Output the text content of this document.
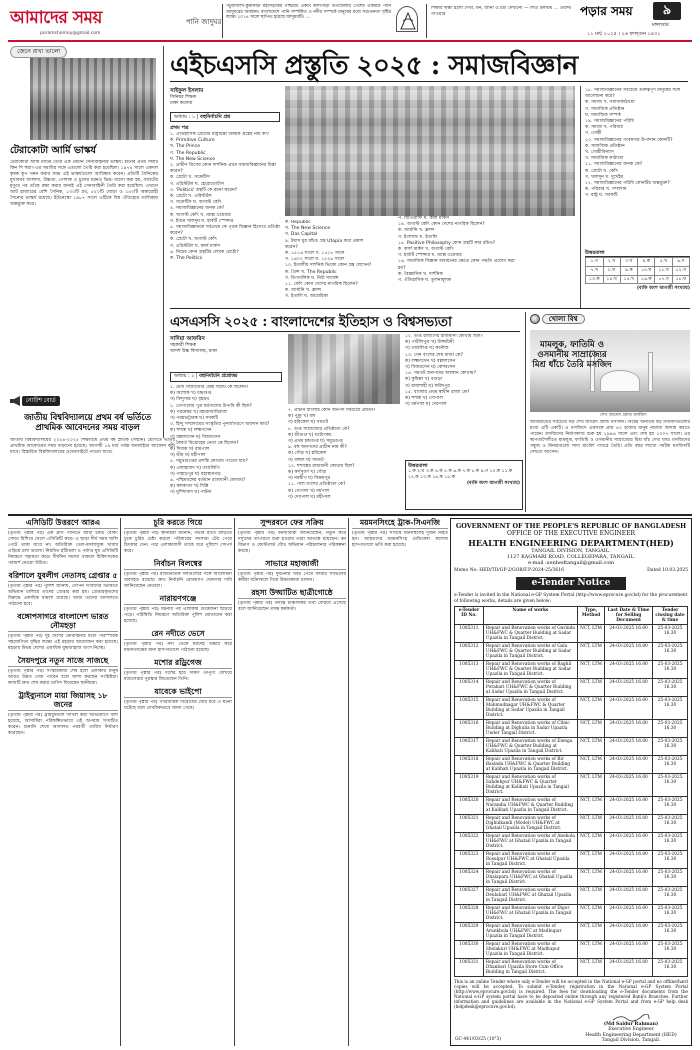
আমাদের সময়
poramshomoy@gmail.com
পানি জাদুঘর
পটুয়াখালী-কুয়াকাটা মহাসড়কের পশ্চিমটি একটা কলাপাড়া উপজেলার পেশের একমাত্র পানি জাদুঘরের অবস্থান। বাংলাদেশে পানি সম্পর্কিত ও নদীর সম্পর্কে মানুষের মধ্যে সচেতনতা সৃষ্টির লক্ষ্যে ২০১৪ সালে স্থাপিত হয়েছে জাদুঘরটি। ...
শিক্ষার লক্ষ্য হলো দেখা, মন, জানা ও চর্চা দেখানো — লিও টলস্টয় ... ওয়াল্ট পাওয়ার	পড়ার সময়	৯
মঙ্গলবার
১১ মার্চ ২০২৫ । ২৬ ফাল্গুন ১৪৩১
জেনে রাখা ভালো
টেরাকোটা আর্মি ভাস্কর্য
টেরাকোটা আর্মি মাটির তৈরি এক প্রাচীন সৈন্যবাহিনীর ভাস্কর্য। চীনের প্রথম সম্রাট কিন শি হুয়াং-এর সমাধির সঙ্গে এগুলো তৈরি করা হয়েছিল। ১৯৭৪ সালে একদল কৃষক কূপ খনন করার সময় এই ভাস্কর্যগুলো আবিষ্কার করেন। প্রতিটি সৈনিকের মুখাবয়ব আলাদা, উচ্চতা, পোশাক ও চুলের ধরনও ভিন্ন। ধারণা করা হয়, সম্রাটের মৃত্যুর পর তাঁকে রক্ষা করার জন্যই এই সেনাবাহিনী তৈরি করা হয়েছিল। এখানে আট হাজারের বেশি সৈনিক, ১৩০টি রথ, ৫২০টি ঘোড়া ও ১৫০টি অশ্বারোহী সৈন্যের ভাস্কর্য রয়েছে। ইউনেস্কো ১৯৮৭ সালে এটিকে বিশ্ব ঐতিহ্যের তালিকায় অন্তর্ভুক্ত করে।
নোটিশ বোর্ড
জাতীয় বিশ্ববিদ্যালয়ে প্রথম বর্ষ ভর্তিতে প্রাথমিক আবেদনের সময় বাড়ল
জাতীয় বিশ্ববিদ্যালয়ের ২০২৪-২০২৫ শিক্ষাবর্ষে প্রথম বর্ষ স্নাতক (সম্মান) শ্রেণিতে ভর্তির প্রাথমিক আবেদনের সময় বাড়ানো হয়েছে। আগামী ১৯ মার্চ পর্যন্ত অনলাইনে আবেদন করা যাবে। বিস্তারিত বিশ্ববিদ্যালয়ের ওয়েবসাইটে পাওয়া যাবে।
এইচএসসি প্রস্তুতি ২০২৫ : সমাজবিজ্ঞান
সাইফুল ইসলাম
সিনিয়র শিক্ষক
ঢাকা কলেজ
অধ্যায় : ১ | বহুনির্বাচনি প্রশ্ন
প্রথম পত্র
১. ঐতিহাসিক প্লেটোর রাষ্ট্রচিন্তা বিষয়ক গ্রন্থের নাম কী?
ক. Primitive Culture
খ. The Prince
গ. The Republic
ঘ. The New Science
২. প্রাচীন গ্রিসের কোন দার্শনিক প্রথম সমাজবিজ্ঞানের চিন্তা করেন?
ক. প্লেটো খ. সক্রেটিস
গ. এরিস্টটল ঘ. হেরোডোটাস
৩. 'Politics' গ্রন্থটি কে রচনা করেন?
ক. প্লেটো খ. এরিস্টটল
গ. সক্রেটিস ঘ. অগাস্ট কোঁৎ
৪. সমাজবিজ্ঞানের জনক কে?
ক. অগাস্ট কোঁৎ খ. ম্যাক্স ওয়েবার
গ. ইবনে খালদুন ঘ. হার্বার্ট স্পেন্সার
৫. সমাজবিজ্ঞানকে সর্বপ্রথম কে পৃথক বিজ্ঞান হিসেবে প্রতিষ্ঠা করেন?
ক. প্লেটো খ. অগাস্ট কোঁৎ
গ. এরিস্টটল ঘ. কার্ল মার্কস
৬. নিচের কোন গ্রন্থটির লেখক প্লেটো?
ক. The Politics
ক. Republic
খ. The New Science
গ. Das Capital
৯. টমাস মূর রচিত গ্রন্থ Utopia কবে প্রকাশ করেন?
ক. ১৫১৬ সালে খ. ১৫১৮ সালে
গ. ১৬০২ সালে ঘ. ১৫২৬ সালে
১০. ইতালীয় দার্শনিক ভিকো কোন গ্রন্থ লেখেন?
ক. প্রিন্স খ. The Republic
গ. রিপাবলিক ঘ. নিউ সায়েন্স
১১. কোঁৎ কোন দেশের নাগরিক ছিলেন?
ক. জার্মানি খ. ফ্রান্স
গ. ইতালি ঘ. আমেরিকা
প. জিওগ্রাফি ঘ. কার্ল মার্কস
১৪. অগাস্ট কোঁৎ কোন দেশের নাগরিক ছিলেন?
ক. জার্মানি খ. ফ্রান্স
গ. ইংল্যান্ড ঘ. ইতালি
১৫. Positive Philosophy কোন গ্রন্থটি কার রচিত?
ক. কার্ল মার্কস খ. অগাস্ট কোঁৎ
গ. হার্বার্ট স্পেন্সার ঘ. ম্যাক্স ওয়েবার
১৬. সামাজিক বিজ্ঞান অধ্যয়নের ক্ষেত্রে কোন পদ্ধতি প্রয়োগ করা হয়?
ক. বৈজ্ঞানিক খ. দার্শনিক
গ. ঐতিহাসিক ঘ. তুলনামূলক
১৮. সমাজবিজ্ঞানের সবচেয়ে গুরুত্বপূর্ণ মানুষের সঙ্গে আলোচনা করে?
ক. সমাজ খ. সমাজকাঠামো
গ. সামাজিক প্রতিষ্ঠান
ঘ. সামাজিক সম্পর্ক
১৯. সমাজবিজ্ঞানের পরিধি
ক. সমাজ খ. পরিবার
গ. গোষ্ঠী
২০. সমাজবিজ্ঞানের গবেষণার উপাদান কোনটি?
ক. সামাজিক প্রতিষ্ঠান
খ. গোষ্ঠীবিন্যাস
গ. সামাজিক কাঠামো
২১. সমাজবিজ্ঞানের জনক কে?
ক. প্লেটো খ. কোঁৎ
গ. খালদুন ঘ. দুর্খেইম
২২. সমাজবিজ্ঞানের পরিধি কোনটির অন্তর্ভুক্ত?
ক. পরিবার খ. সম্প্রদায়
গ. রাষ্ট্র ঘ. সবকটি
উত্তরমালা
১.গ	২.খ	৩.খ	৪.ক	৫.খ	৬.গ
৭.খ	৮.ঘ	৯.ক	১০.ঘ	১১.খ	১২.গ
১৩.ক	১৪.খ	১৫.খ	১৬.ক	১৭.গ	১৮.ঘ
(বাকি অংশ আগামী সংখ্যায়)
এসএসসি ২০২৫ : বাংলাদেশের ইতিহাস ও বিশ্বসভ্যতা
সাদিয়া আফরিন
সহকারী শিক্ষক
আদর্শ উচ্চ বিদ্যালয়, ঢাকা
অধ্যায় : ২ | বহুনির্বাচনি প্রশ্নোত্তর
১. মৌর্য সাম্রাজ্যের শ্রেষ্ঠ সম্রাট কে ছিলেন?
ক) অশোক খ) চন্দ্রগুপ্ত
গ) বিন্দুসার ঘ) বৃহদ্রথ
২. গোপালের পুত্র ধর্মপালের উপাধি কী ছিল?
ক) পরমেশ্বর খ) মহারাজাধিরাজ
গ) পরমভট্টারক ঘ) সবকটি
৩. হিন্দু সম্প্রদায়ের সংস্কৃতির পুনর্জাগরণে অবদান কার?
ক) শশাঙ্ক খ) লক্ষ্মণসেন
গ) বল্লালসেন ঘ) বিজয়সেন
৪. কৈবর্ত বিদ্রোহের নেতা কে ছিলেন?
ক) দিব্যক খ) রামপাল
গ) ভীম ঘ) মহীপাল
৫. সমুদ্রগুপ্তের প্রশস্তি কোথায় পাওয়া যায়?
ক) এলাহাবাদ খ) তাম্রলিপি
গ) পাহাড়পুর ঘ) মহাস্থানগড়
৬. পশ্চিমবঙ্গের বর্তমান রাজধানী কোথায়?
ক) কলকাতা খ) দিল্লি
গ) মুর্শিদাবাদ ঘ) পাটনা
৭. প্রাচীন বাংলার কোন জনপদ সবচেয়ে প্রাচীন?
ক) পুণ্ড্র খ) বঙ্গ
গ) হরিকেল ঘ) সমতট
৮. গুপ্ত সাম্রাজ্যের প্রতিষ্ঠাতা কে?
ক) শ্রীগুপ্ত খ) ঘটোৎকচ
গ) প্রথম চন্দ্রগুপ্ত ঘ) সমুদ্রগুপ্ত
৯. বঙ্গ জনপদের প্রাচীন নাম কী?
ক) গৌড় খ) হরিকেল
গ) বঙ্গাল ঘ) সমতট
১০. শশাঙ্কের রাজধানী কোথায় ছিল?
ক) কর্ণসুবর্ণ খ) গৌড়
গ) নবদ্বীপ ঘ) বিক্রমপুর
১১. পাল বংশের প্রতিষ্ঠাতা কে?
ক) গোপাল খ) ধর্মপাল
গ) দেবপাল ঘ) মহীপাল
১২. গুপ্ত রাজাদের রাজধানী কোথায় ছিল?
ক) পাটলিপুত্র খ) উজ্জয়িনী
গ) তাম্রলিপ্ত ঘ) কনৌজ
১৩. সেন বংশের শেষ রাজা কে?
ক) লক্ষ্মণসেন খ) বল্লালসেন
গ) বিজয়সেন ঘ) কেশবসেন
১৪. সমতট জনপদের অবস্থান কোথায়?
ক) কুমিল্লা খ) বগুড়া
গ) রাজশাহী ঘ) ফরিদপুর
১৫. বাংলার প্রথম স্বাধীন রাজা কে?
ক) শশাঙ্ক খ) গোপাল
গ) ধর্মপাল ঘ) দেবপাল
উত্তরমালা
১.ক ২.ঘ ৩.ক ৪.ক ৫.ক ৬.ক ৭.ক ৮.ক ৯.গ ১০.ক ১১.ক ১২.ক ১৩.ক ১৪.ক ১৫.ক
(বাকি অংশ আগামী সংখ্যায়)
খোলা বিশ্ব
মামলুক, ফাতিমি ও ওসমানীয় সাম্রাজ্যের মিশ্র ধাঁচে তৈরি মসজিদ
শেখ জায়েদ গ্র্যান্ড মসজিদ
আমিরাতের সবচেয়ে বড় শেখ জায়েদ গ্র্যান্ড মসজিদ। বিশ্বের অন্যতম বড় মসজিদগুলোর মধ্যে এটি একটি। এ মসজিদে একসঙ্গে প্রায় ৪০ হাজার মানুষ নামাজ আদায় করতে পারেন। মসজিদের নির্মাণকাজ শুরু হয় ১৯৯৬ সালে এবং শেষ হয় ২০০৭ সালে। এর স্থাপত্যশৈলীতে মামলুক, ফাতিমি ও ওসমানীয় সাম্রাজ্যের মিশ্র ধাঁচ দেখা যায়। মসজিদের গম্বুজ ও মিনারগুলো সাদা মার্বেল পাথরে তৈরি। প্রতি বছর লাখো পর্যটক মসজিদটি দেখতে আসেন।
এসিডিটি উত্তরণে আরএ
(তৃতীয় পৃষ্ঠার পর) এক গ্লাস পানিতে আধা চামচ বেকিং সোডা মিশিয়ে খেলে এসিডিটি কমে। এ ছাড়া দীর্ঘ সময় খালি পেটে থাকা যাবে না। অতিরিক্ত তেল-মসলাযুক্ত খাবার এড়িয়ে চলা ভালো। নিয়মিত হাঁটাচলা ও পর্যাপ্ত ঘুম এসিডিটি নিয়ন্ত্রণে সহায়তা করে। দীর্ঘদিন সমস্যা থাকলে চিকিৎসকের পরামর্শ নেওয়া উচিত।
বরিশালে যুবলীগ নেতাসহ গ্রেপ্তার ৫
(তৃতীয় পৃষ্ঠার পর) পুলিশ জানায়, গোপন সংবাদের ভিত্তিতে অভিযান চালিয়ে তাদের গ্রেপ্তার করা হয়। গ্রেপ্তারকৃতদের বিরুদ্ধে একাধিক মামলা রয়েছে। আজ তাদের আদালতে পাঠানো হবে।
বঙ্গোপসাগরে বাংলাদেশ ভারত নৌমহড়া
(তৃতীয় পৃষ্ঠার পর) দুই দেশের নৌবাহিনীর মধ্যে পারস্পরিক সহযোগিতা বৃদ্ধির লক্ষ্যে এই মহড়ার আয়োজন করা হয়েছে। মহড়ায় উভয় দেশের একাধিক যুদ্ধজাহাজ অংশ নিচ্ছে।
সৈয়দপুরে নতুন সাজে সাজছে
(তৃতীয় পৃষ্ঠার পর) সংস্কারকাজ শেষ হলে এলাকার মানুষ আরও উন্নত সেবা পাবেন বলে আশা করছেন সংশ্লিষ্টরা। কাজটি দ্রুত শেষ করার তাগিদ দিয়েছেন স্থানীয়রা।
ট্রাইব্যুনালে মায়া জিয়াসহ ১৮ জনের
(তৃতীয় পৃষ্ঠার পর) ট্রাইব্যুনালে দাখিল করা অভিযোগে বলা হয়েছে, আসামিরা পরিকল্পিতভাবে এই অপরাধ সংঘটিত করেন। শুনানি শেষে আদালত পরবর্তী তারিখ নির্ধারণ করেছেন।
চুরি করতে গিয়ে
(তৃতীয় পৃষ্ঠার পর) স্থানীয়রা জানান, গভীর রাতে বাড়িতে ঢুকে চুরির চেষ্টা করলে পরিবারের সদস্যরা টের পেয়ে চিৎকার দেন। পরে এলাকাবাসী তাকে ধরে পুলিশে সোপর্দ করে।
নির্বাচন বিলম্বের
(তৃতীয় পৃষ্ঠার পর) রাজনৈতিক দলগুলোর সঙ্গে আলোচনা অব্যাহত রয়েছে। দ্রুত নির্বাচনি রোডম্যাপ ঘোষণার দাবি জানিয়েছেন নেতারা।
নারায়ণগঞ্জে
(তৃতীয় পৃষ্ঠার পর) ঘটনার পর এলাকায় উত্তেজনা ছড়িয়ে পড়ে। পরিস্থিতি নিয়ন্ত্রণে অতিরিক্ত পুলিশ মোতায়েন করা হয়েছে।
রেন নদীতে ভেসে
(তৃতীয় পৃষ্ঠার পর) নদী থেকে মরদেহ উদ্ধার করে ময়নাতদন্তের জন্য হাসপাতালে পাঠানো হয়েছে।
মশোর রড্রিগেজ
(তৃতীয় পৃষ্ঠার পর) দলের হয়ে দারুণ নৈপুণ্য দেখিয়ে ম্যাচসেরার পুরস্কার জিতেছেন তিনি।
যাবেকে ভাইপো
(তৃতীয় পৃষ্ঠার পর) পারিবারিক বিরোধের জের ধরে এ ঘটনা ঘটেছে বলে প্রাথমিকভাবে জানা গেছে।
সুন্দরবনে ফের সক্রিয়
(তৃতীয় পৃষ্ঠার পর) বনজীবীরা জানিয়েছেন, নতুন করে দস্যুদের তৎপরতা শুরু হওয়ায় তারা আতঙ্কে রয়েছেন। বন বিভাগ ও কোস্টগার্ড যৌথ অভিযান পরিচালনার পরিকল্পনা করছে।
সাভারে মহাজাজী
(তৃতীয় পৃষ্ঠার পর) দুর্ঘটনার খবর পেয়ে ফায়ার সার্ভিসের কর্মীরা ঘটনাস্থলে গিয়ে উদ্ধারকাজ চালান।
রহস্য উদ্ঘাটিত ছাত্রীগোষ্ঠে
(তৃতীয় পৃষ্ঠার পর) তদন্তে চাঞ্চল্যকর তথ্য বেরিয়ে এসেছে বলে জানিয়েছেন তদন্ত কর্মকর্তা।
ময়মনসিংহে ট্রাক-সিএনজি
(তৃতীয় পৃষ্ঠার পর) সংঘর্ষে ঘটনাস্থলেই দুজন নিহত হন। আহতদের ময়মনসিংহ মেডিকেল কলেজ হাসপাতালে ভর্তি করা হয়েছে।
GOVERNMENT OF THE PEOPLE'S REPUBLIC OF BANGLADESH
OFFICE OF THE EXECUTIVE ENGINEER
HEALTH ENGINEERING DEPARTMENT(HED)
TANGAIL DIVISION, TANGAIL.
1127 KAGMARI ROAD, COLLEGEPARA, TANGAIL.
e-mail :xenhedtangail@gmail.com
Memo No: HED/TD/GP-2/GOB/F.P-2024-25/3616	Dated 10.03.2025
e-Tender Notice
e-Tender is invited in the National e-GP System Portal (http://www.eprocure.gov.bd) for the procurement of following works, details are given below:
e-Tender ID No.	Name of works	Type, Method	Last Date & Time for Selling Document	Tender closing date & time
1085311	Repair and Renovation works of Gurinda UH&FWC & Quarter Building at Sadar Upazila in Tangail District.	NCT, LTM	24-03-2025 16.00	25-03-2025 16.30
1085312	Repair and Renovation works of Gala UH&FWC & Quarter Building at Sadar Upazila in Tangail District.	NCT, LTM	24-03-2025 16.00	25-03-2025 16.30
1085313	Repair and Renovation works of Baghil UH&FWC & Quarter Building at Sadar Upazila in Tangail District.	NCT, LTM	24-03-2025 16.00	25-03-2025 16.30
1085314	Repair and Renovation works of Porabari UH&FWC & Quarter Building at Sadar Upazila in Tangail District.	NCT, LTM	24-03-2025 16.00	25-03-2025 16.30
1085315	Repair and Renovation works of Mahmudnagar UH&FWC & Quarter Building at Sadar Upazila in Tangail District.	NCT, LTM	24-03-2025 16.00	25-03-2025 16.30
1085316	Repair and Renovation works of Clinic Building at Dighulia in Sadar Upazila Under Tangail District.	NCT, LTM	24-03-2025 16.00	25-03-2025 16.30
1085317	Repair and Renovation works of Elenga UH&FWC & Quarter Building at Kalihati Upazila in Tangail District.	NCT, LTM	24-03-2025 16.00	25-03-2025 16.30
1085318	Repair and Renovation works of Bir Basinda UH&FWC & Quarter Building at Kalihati Upazila in Tangail District.	NCT, LTM	24-03-2025 16.00	25-03-2025 16.30
1085319	Repair and Renovation works of Sahdebpur UH&FWC & Quarter Building at Kalihati Upazila in Tangail District.	NCT, LTM	24-03-2025 16.00	25-03-2025 16.30
1085320	Repair and Renovation works of Narandia UH&FWC & Quarter Building at Kalihati Upazila in Tangail District.	NCT, LTM	24-03-2025 16.00	25-03-2025 16.30
1085321	Repair and Renovation works of Dighulkandi (Model) UH&FWC at Ghatail Upazila in Tangail District.	NCT, LTM	24-03-2025 16.00	25-03-2025 16.30
1085322	Repair and Renovation works of Anehola UH&FWC at Ghatail Upazila in Tangail District.	NCT, LTM	24-03-2025 16.00	25-03-2025 16.30
1085323	Repair and Renovation works of Rosulpur UH&FWC at Ghatail Upazila in Tangail District.	NCT, LTM	24-03-2025 16.00	25-03-2025 16.30
1085324	Repair and Renovation works of Dhalapara UH&FWC at Ghatail Upazila in Tangail District.	NCT, LTM	24-03-2025 16.00	25-03-2025 16.30
1085327	Repair and Renovation works of Deulabari UH&FWC at Ghatail Upazila in Tangail District.	NCT, LTM	24-03-2025 16.00	25-03-2025 16.30
1085328	Repair and Renovation works of Digor UH&FWC at Ghatail Upazila in Tangail District.	NCT, LTM	24-03-2025 16.00	25-03-2025 16.30
1085329	Repair and Renovation works of Arunkhola UH&FWC at Madhupur Upazila in Tangail District.	NCT, LTM	24-03-2025 16.00	25-03-2025 16.30
1085330	Repair and Renovation works of Sholakuri UH&FWC at Madhupur Upazila in Tangail District.	NCT, LTM	24-03-2025 16.00	25-03-2025 16.30
1085331	Repair and Renovation works of Dhanbari Upazila Store Cum Office Building in Tangail District.	NCT, LTM	24-03-2025 16.00	25-03-2025 16.30
This is an online Tender where only e-Tender will be accepted in the National e-GP portal and no offline/hard copies will be accepted. To submit e-Tender, registration in the National e-GP System Portal (http://www.eprocure.gov.bd) is required. The fees for downloading the e-Tender documents from the National e-GP system portal have to be deposited online through any registered Bank's Branches. Further information and guidelines are available in the National e-GP System Portal and from e-GP help desk (helpdesk@eprocure.gov.bd).
(Md Saidur Rahman)
Executive Engineer
Health Engineering Department (HED)
Tangail Division, Tangail.
GC-441/03/25 (10"3)
